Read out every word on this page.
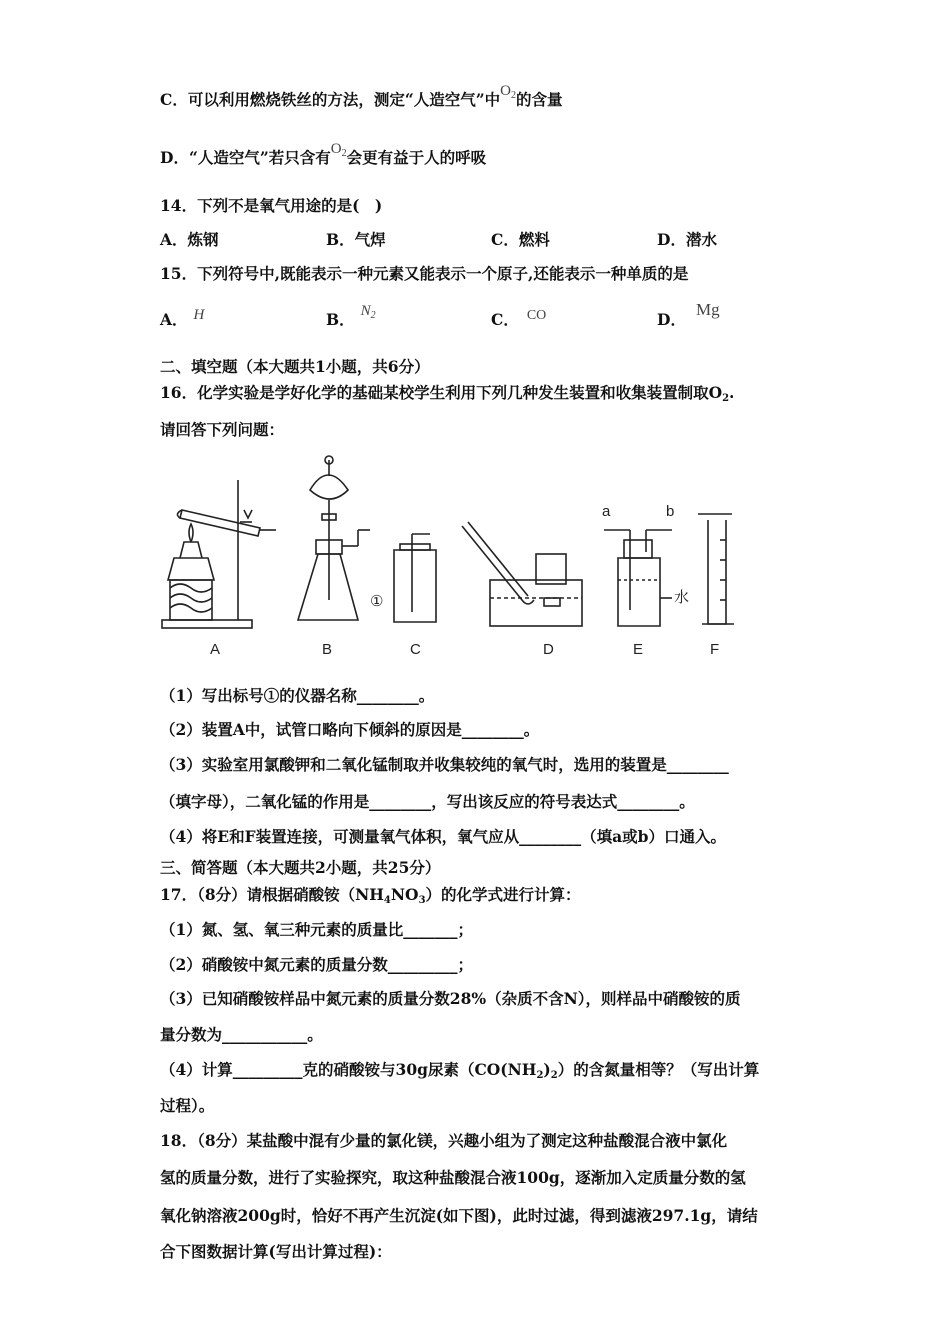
C．可以利用燃烧铁丝的方法，测定“人造空气”中$O_2$的含量
D．“人造空气”若只含有$O_2$会更有益于人的呼吸
14．下列不是氧气用途的是(　)
A．炼钢	B．气焊	C．燃料	D．潜水
15．下列符号中,既能表示一种元素又能表示一个原子,还能表示一种单质的是
A． H	B． $N_2$	C． CO	D．Mg
二、填空题（本大题共1小题，共6分）
16．化学实验是学好化学的基础某校学生利用下列几种发生装置和收集装置制取$O_2$.
请回答下列问题：
①
a	b
水
A	B	C	D	E	F
（1）写出标号①的仪器名称________。
（2）装置A中，试管口略向下倾斜的原因是________。
（3）实验室用氯酸钾和二氧化锰制取并收集较纯的氧气时，选用的装置是________
（填字母），二氧化锰的作用是________，写出该反应的符号表达式________。
（4）将E和F装置连接，可测量氧气体积，氧气应从________（填a或b）口通入。
三、简答题（本大题共2小题，共25分）
17．（8分）请根据硝酸铵$(NH_4NO_3)$的化学式进行计算：
（1）氮、氢、氧三种元素的质量比_______；
（2）硝酸铵中氮元素的质量分数_________；
（3）已知硝酸铵样品中氮元素的质量分数28%（杂质不含N），则样品中硝酸铵的质
量分数为___________。
（4）计算_________克的硝酸铵与30g尿素$(CO(NH_2)_2)$的含氮量相等？（写出计算
过程）。
18．（8分）某盐酸中混有少量的氯化镁，兴趣小组为了测定这种盐酸混合液中氯化
氢的质量分数，进行了实验探究，取这种盐酸混合液100g，逐渐加入定质量分数的氢
氧化钠溶液200g时，恰好不再产生沉淀(如下图)，此时过滤，得到滤液297.1g，请结
合下图数据计算(写出计算过程)：
